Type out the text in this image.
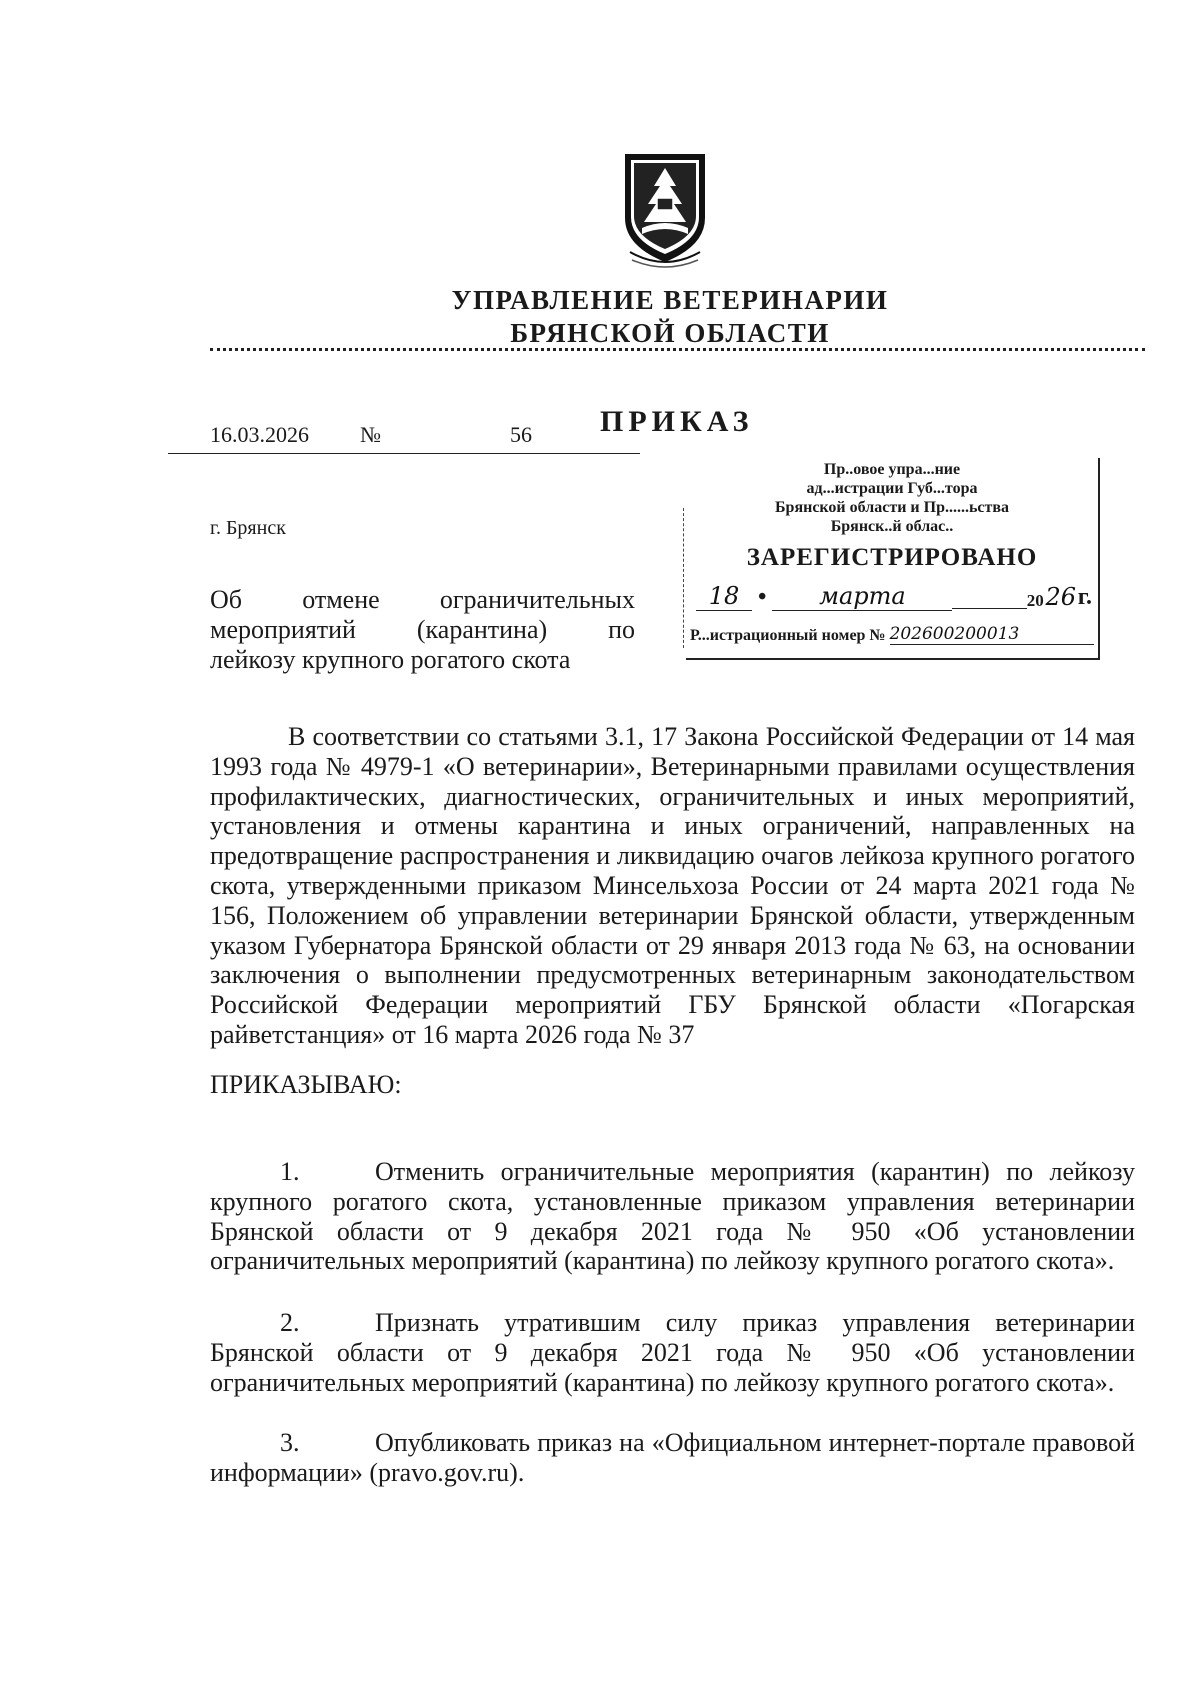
УПРАВЛЕНИЕ ВЕТЕРИНАРИИ
БРЯНСКОЙ ОБЛАСТИ
ПРИКАЗ
16.03.2026 №	56
г. Брянск
Об отмене ограничительных
мероприятий (карантина) по
лейкозу крупного рогатого скота
Пр..овое упра...ние
ад...истрации Губ...тора
Брянской области и Пр......ьства
Брянск..й облас..
ЗАРЕГИСТРИРОВАНО
18 •	марта	20 26 г.
Р...истрационный номер № 202600200013

В соответствии со статьями 3.1, 17 Закона Российской Федерации от 14 мая 1993 года № 4979-1 «О ветеринарии», Ветеринарными правилами осуществления профилактических, диагностических, ограничительных и иных мероприятий, установления и отмены карантина и иных ограничений, направленных на предотвращение распространения и ликвидацию очагов лейкоза крупного рогатого скота, утвержденными приказом Минсельхоза России от 24 марта 2021 года № 156, Положением об управлении ветеринарии Брянской области, утвержденным указом Губернатора Брянской области от 29 января 2013 года № 63, на основании заключения о выполнении предусмотренных ветеринарным законодательством Российской Федерации мероприятий ГБУ Брянской области «Погарская райветстанция» от 16 марта 2026 года № 37

ПРИКАЗЫВАЮ:

1.	Отменить ограничительные мероприятия (карантин) по лейкозу крупного рогатого скота, установленные приказом управления ветеринарии Брянской области от 9 декабря 2021 года № 950 «Об установлении ограничительных мероприятий (карантина) по лейкозу крупного рогатого скота».

2.	Признать утратившим силу приказ управления ветеринарии Брянской области от 9 декабря 2021 года № 950 «Об установлении ограничительных мероприятий (карантина) по лейкозу крупного рогатого скота».

3.	Опубликовать приказ на «Официальном интернет-портале правовой информации» (pravo.gov.ru).
